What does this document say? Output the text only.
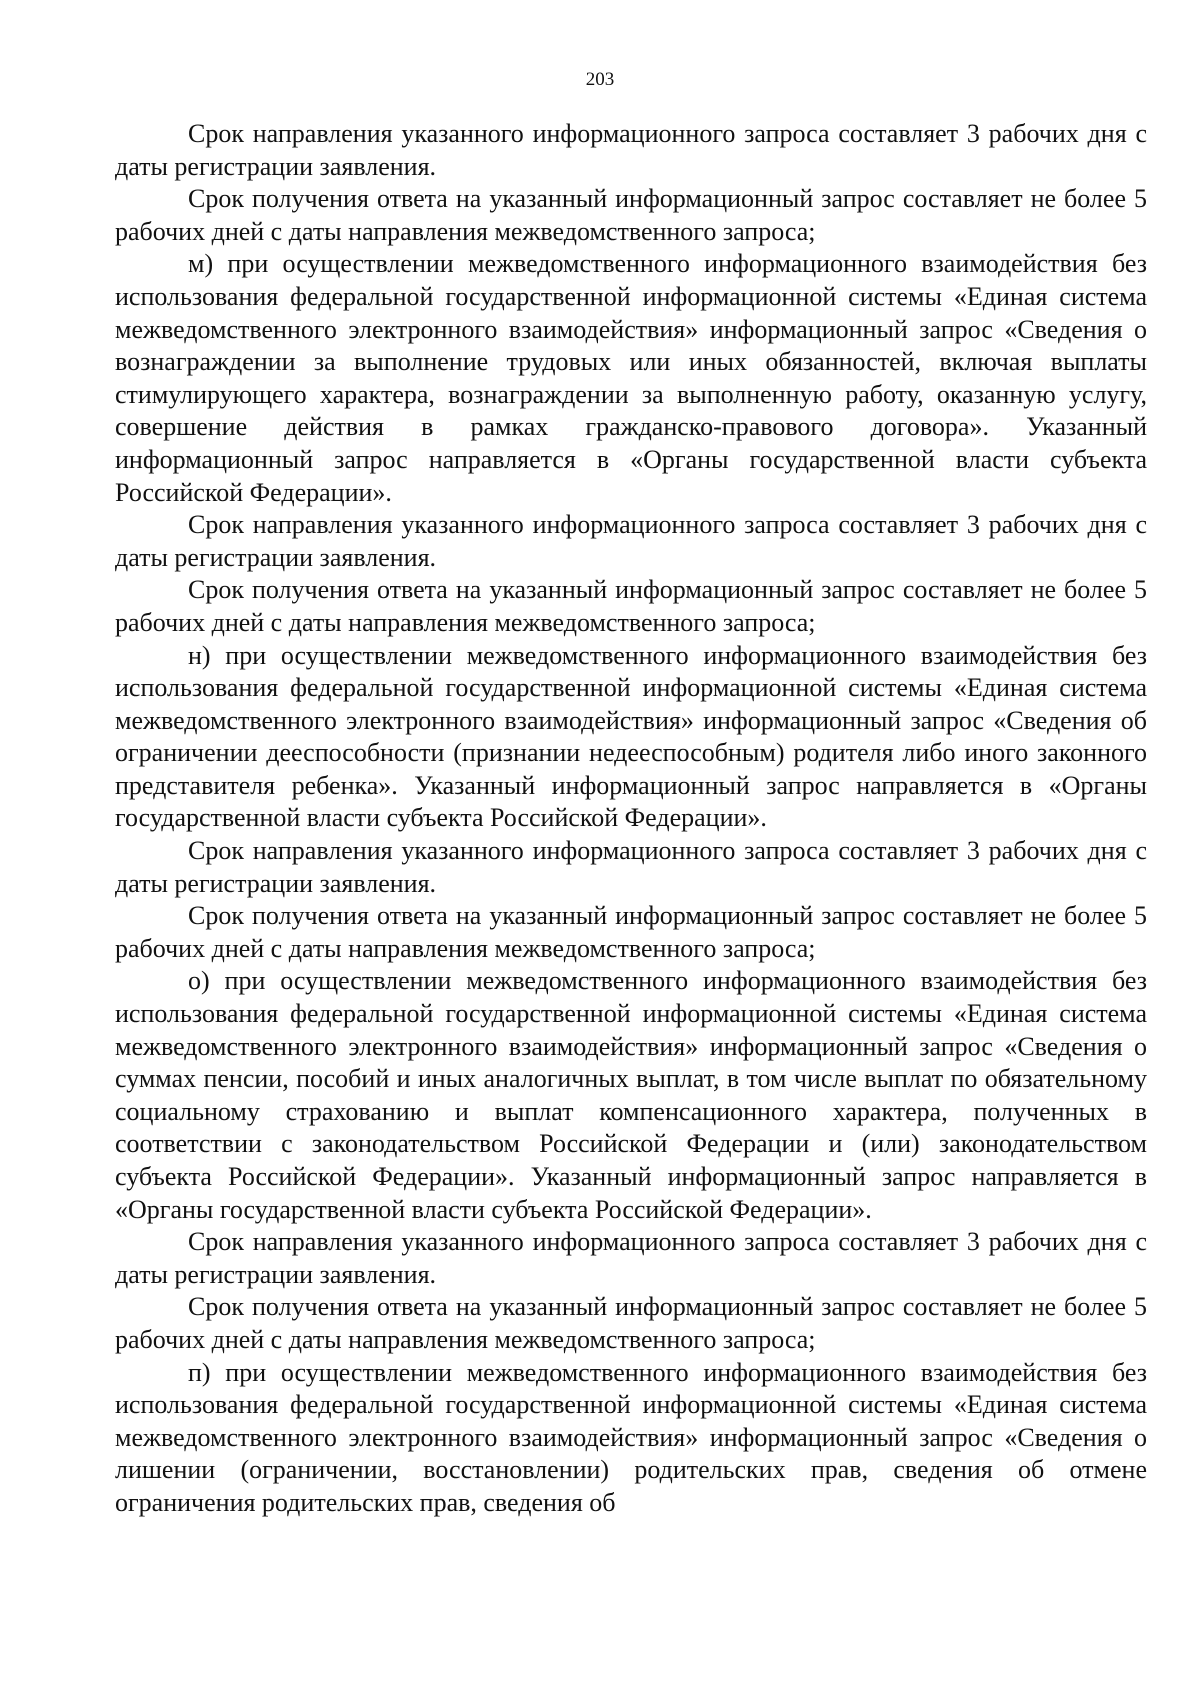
203

Срок направления указанного информационного запроса составляет 3 рабочих дня с даты регистрации заявления.

Срок получения ответа на указанный информационный запрос составляет не более 5 рабочих дней с даты направления межведомственного запроса;

м) при осуществлении межведомственного информационного взаимодействия без использования федеральной государственной информационной системы «Единая система межведомственного электронного взаимодействия» информационный запрос «Сведения о вознаграждении за выполнение трудовых или иных обязанностей, включая выплаты стимулирующего характера, вознаграждении за выполненную работу, оказанную услугу, совершение действия в рамках гражданско-правового договора». Указанный информационный запрос направляется в «Органы государственной власти субъекта Российской Федерации».

Срок направления указанного информационного запроса составляет 3 рабочих дня с даты регистрации заявления.

Срок получения ответа на указанный информационный запрос составляет не более 5 рабочих дней с даты направления межведомственного запроса;

н) при осуществлении межведомственного информационного взаимодействия без использования федеральной государственной информационной системы «Единая система межведомственного электронного взаимодействия» информационный запрос «Сведения об ограничении дееспособности (признании недееспособным) родителя либо иного законного представителя ребенка». Указанный информационный запрос направляется в «Органы государственной власти субъекта Российской Федерации».

Срок направления указанного информационного запроса составляет 3 рабочих дня с даты регистрации заявления.

Срок получения ответа на указанный информационный запрос составляет не более 5 рабочих дней с даты направления межведомственного запроса;

о) при осуществлении межведомственного информационного взаимодействия без использования федеральной государственной информационной системы «Единая система межведомственного электронного взаимодействия» информационный запрос «Сведения о суммах пенсии, пособий и иных аналогичных выплат, в том числе выплат по обязательному социальному страхованию и выплат компенсационного характера, полученных в соответствии с законодательством Российской Федерации и (или) законодательством субъекта Российской Федерации». Указанный информационный запрос направляется в «Органы государственной власти субъекта Российской Федерации».

Срок направления указанного информационного запроса составляет 3 рабочих дня с даты регистрации заявления.

Срок получения ответа на указанный информационный запрос составляет не более 5 рабочих дней с даты направления межведомственного запроса;

п) при осуществлении межведомственного информационного взаимодействия без использования федеральной государственной информационной системы «Единая система межведомственного электронного взаимодействия» информационный запрос «Сведения о лишении (ограничении, восстановлении) родительских прав, сведения об отмене ограничения родительских прав, сведения об
